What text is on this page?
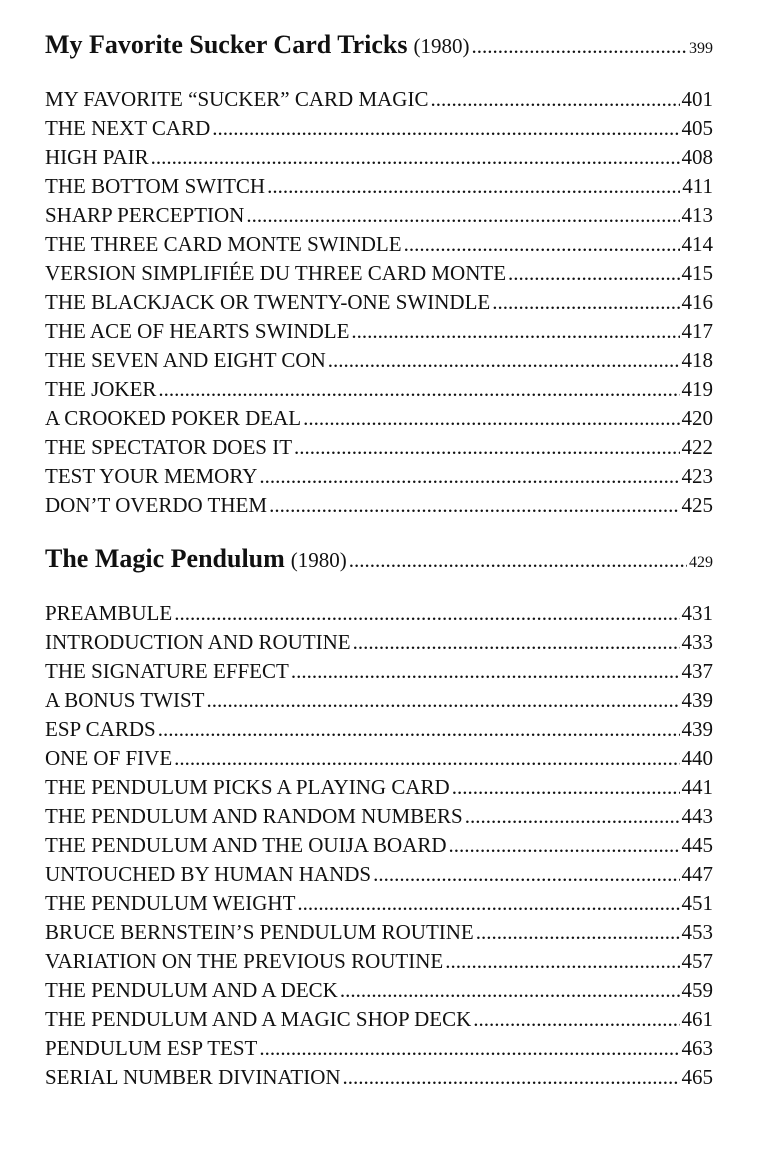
My Favorite Sucker Card Tricks (1980) .....	399
MY FAVORITE “SUCKER” CARD MAGIC .....	401
THE NEXT CARD .....	405
HIGH PAIR .....	408
THE BOTTOM SWITCH .....	411
SHARP PERCEPTION .....	413
THE THREE CARD MONTE SWINDLE .....	414
VERSION SIMPLIFIÉE DU THREE CARD MONTE .....	415
THE BLACKJACK OR TWENTY-ONE SWINDLE .....	416
THE ACE OF HEARTS SWINDLE .....	417
THE SEVEN AND EIGHT CON .....	418
THE JOKER .....	419
A CROOKED POKER DEAL .....	420
THE SPECTATOR DOES IT .....	422
TEST YOUR MEMORY .....	423
DON’T OVERDO THEM .....	425
The Magic Pendulum (1980) .....	429
PREAMBULE .....	431
INTRODUCTION AND ROUTINE .....	433
THE SIGNATURE EFFECT .....	437
A BONUS TWIST .....	439
ESP CARDS .....	439
ONE OF FIVE .....	440
THE PENDULUM PICKS A PLAYING CARD .....	441
THE PENDULUM AND RANDOM NUMBERS .....	443
THE PENDULUM AND THE OUIJA BOARD .....	445
UNTOUCHED BY HUMAN HANDS .....	447
THE PENDULUM WEIGHT .....	451
BRUCE BERNSTEIN’S PENDULUM ROUTINE .....	453
VARIATION ON THE PREVIOUS ROUTINE .....	457
THE PENDULUM AND A DECK .....	459
THE PENDULUM AND A MAGIC SHOP DECK .....	461
PENDULUM ESP TEST .....	463
SERIAL NUMBER DIVINATION .....	465
